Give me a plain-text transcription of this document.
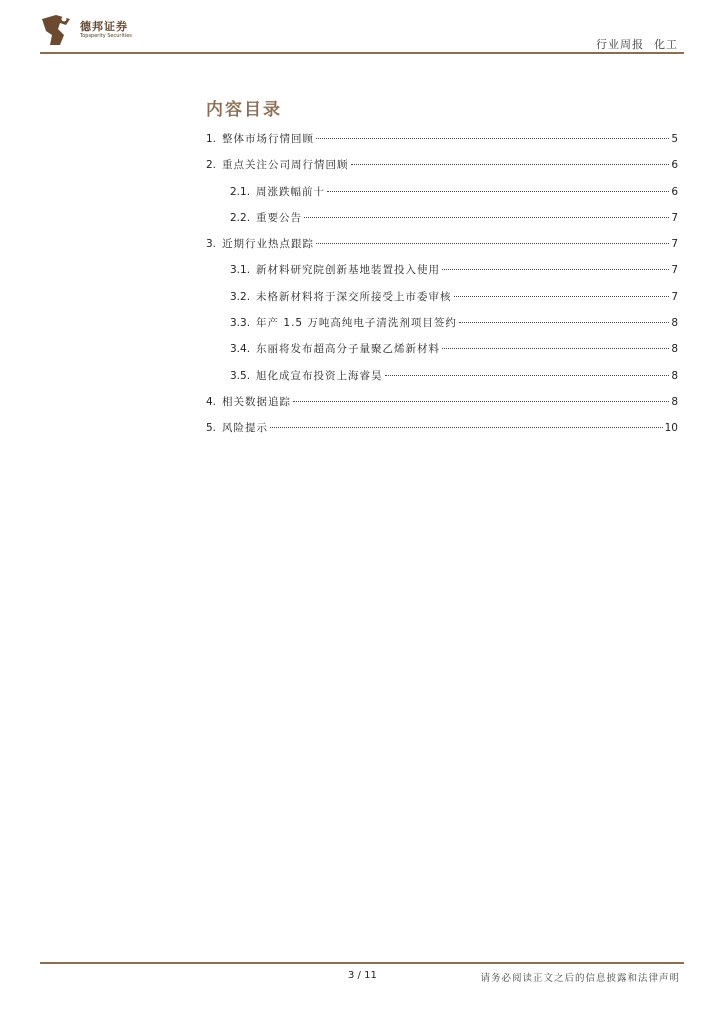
德邦证券
Topsperity Securities
行业周报 化工
内容目录
1. 整体市场行情回顾	5
2. 重点关注公司周行情回顾	6
2.1. 周涨跌幅前十	6
2.2. 重要公告	7
3. 近期行业热点跟踪	7
3.1. 新材料研究院创新基地装置投入使用	7
3.2. 未格新材料将于深交所接受上市委审核	7
3.3. 年产 1.5 万吨高纯电子清洗剂项目签约	8
3.4. 东丽将发布超高分子量聚乙烯新材料	8
3.5. 旭化成宣布投资上海睿昊	8
4. 相关数据追踪	8
5. 风险提示	10
3 / 11	请务必阅读正文之后的信息披露和法律声明
